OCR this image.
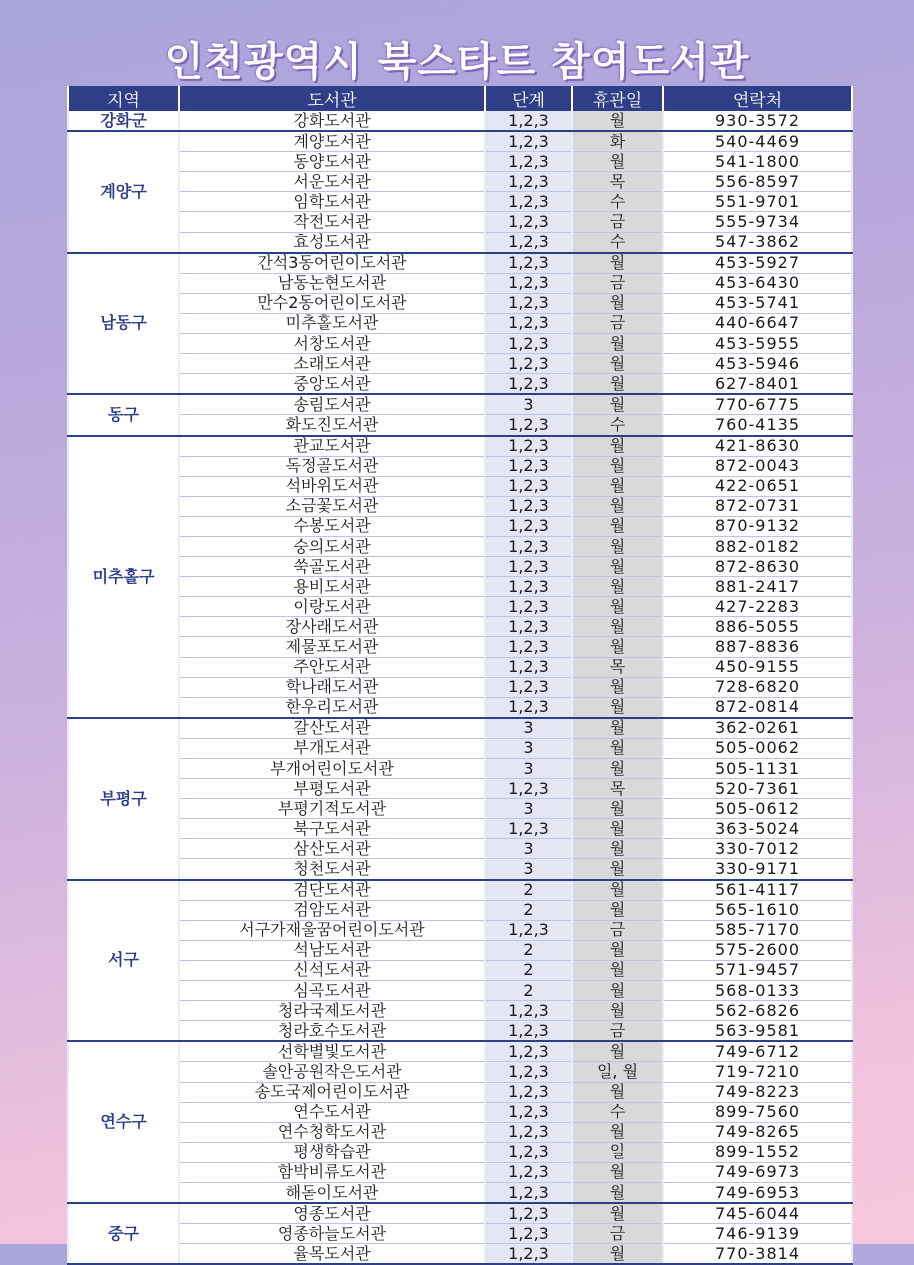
인천광역시 북스타트 참여도서관
지역	도서관	단계	휴관일	연락처
강화군	강화도서관	1,2,3	월	930-3572
계양구	계양도서관	1,2,3	화	540-4469
	동양도서관	1,2,3	월	541-1800
	서운도서관	1,2,3	목	556-8597
	임학도서관	1,2,3	수	551-9701
	작전도서관	1,2,3	금	555-9734
	효성도서관	1,2,3	수	547-3862
남동구	간석3동어린이도서관	1,2,3	월	453-5927
	남동논현도서관	1,2,3	금	453-6430
	만수2동어린이도서관	1,2,3	월	453-5741
	미추홀도서관	1,2,3	금	440-6647
	서창도서관	1,2,3	월	453-5955
	소래도서관	1,2,3	월	453-5946
	중앙도서관	1,2,3	월	627-8401
동구	송림도서관	3	월	770-6775
	화도진도서관	1,2,3	수	760-4135
미추홀구	관교도서관	1,2,3	월	421-8630
	독정골도서관	1,2,3	월	872-0043
	석바위도서관	1,2,3	월	422-0651
	소금꽃도서관	1,2,3	월	872-0731
	수봉도서관	1,2,3	월	870-9132
	숭의도서관	1,2,3	월	882-0182
	쑥골도서관	1,2,3	월	872-8630
	용비도서관	1,2,3	월	881-2417
	이랑도서관	1,2,3	월	427-2283
	장사래도서관	1,2,3	월	886-5055
	제물포도서관	1,2,3	월	887-8836
	주안도서관	1,2,3	목	450-9155
	학나래도서관	1,2,3	월	728-6820
	한우리도서관	1,2,3	월	872-0814
부평구	갈산도서관	3	월	362-0261
	부개도서관	3	월	505-0062
	부개어린이도서관	3	월	505-1131
	부평도서관	1,2,3	목	520-7361
	부평기적도서관	3	월	505-0612
	북구도서관	1,2,3	월	363-5024
	삼산도서관	3	월	330-7012
	청천도서관	3	월	330-9171
서구	검단도서관	2	월	561-4117
	검암도서관	2	월	565-1610
	서구가재울꿈어린이도서관	1,2,3	금	585-7170
	석남도서관	2	월	575-2600
	신석도서관	2	월	571-9457
	심곡도서관	2	월	568-0133
	청라국제도서관	1,2,3	월	562-6826
	청라호수도서관	1,2,3	금	563-9581
연수구	선학별빛도서관	1,2,3	월	749-6712
	솔안공원작은도서관	1,2,3	일, 월	719-7210
	송도국제어린이도서관	1,2,3	월	749-8223
	연수도서관	1,2,3	수	899-7560
	연수청학도서관	1,2,3	월	749-8265
	평생학습관	1,2,3	일	899-1552
	함박비류도서관	1,2,3	월	749-6973
	해돋이도서관	1,2,3	월	749-6953
중구	영종도서관	1,2,3	월	745-6044
	영종하늘도서관	1,2,3	금	746-9139
	율목도서관	1,2,3	월	770-3814
